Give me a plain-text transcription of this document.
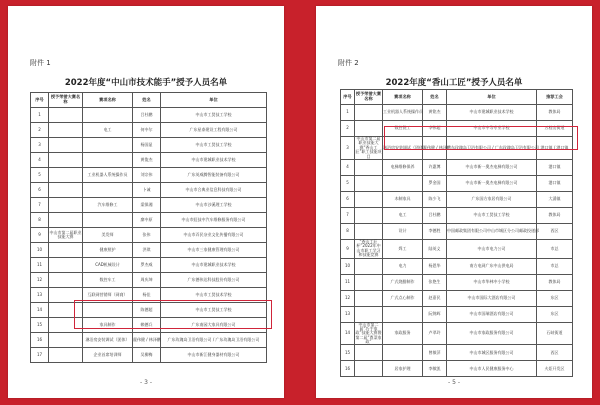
附件 1
2022年度“中山市技术能手”授予人员名单
序号	授予荣誉大赛名称	赛项名称	姓名	单位
1			吕杜鹏	中山市工贸技工学校
2		电工	何中尔	广东星泰建设工程有限公司
3			杨国显	中山市工贸技工学校
4			黄俊杰	中山市建城职业技术学校
5		工业机器人系统操作员	刘宗伟	广东英威腾智能装备有限公司
6			卜诚	中山市合典业信息科技有限公司
7		汽车维修工	梁保湘	中山市沙溪理工学校
8			廖中原	中山市虹技中汽车维修服务有限公司
9	中山市第二届职业技能大赛	美发师	张伟	中山市弄民杂业文化传播有限公司
10		健康照护	洪琪	中山市三家健康管理有限公司
11		CAD机械设计	罗杰威	中山市建城职业技术学校
12		数控车工	周庆坤	广东德伟达科技股份有限公司
13		互联网营销师（网商）	杨佳	中山市工贸技术学校
14			陈德超	中山市工贸技工学校
15		家具制作	赖德兵	广东南园大家具有限公司
16		淋浴房安装调试（团体）	霍伟健 / 林泽鹏	广东玫瑰岛卫浴有限公司 / 广东玫瑰岛卫浴有限公司
17		企业首席培训师	吴柳梅	中山市新江健身器材有限公司
- 3 -
附件 2
2022年度“香山工匠”授予人员名单
序号	授予荣誉大赛名称	赛项名称	姓名	单位	推荐工会
1		工业机器人系统操作员	黄铭杰	中山市建城职业技术学校	教体局
2		数控铣工	李伟超	中山市中等专业学校	五桂山街道
3	中山市第二届职业技能大赛“香山工匠”职工技能项目	淋浴房安装调试（团体）	霍伟健 / 林泽鹏	广东玫瑰岛卫浴有限公司 / 广东玫瑰岛卫浴有限公司	港口镇 / 港口镇
4		电梯维修保养	许惠博	中山市新一奥杰电梯有限公司	港口镇
5			罗金国	中山市新一奥杰电梯有限公司	港口镇
6		木制家具	陈少飞	广东国方家居有限公司	大涌镇
7		电工	吕杜鹏	中山市工贸技工学校	教体局
8		设计	李德胜	中国邮政集团有限公司中山市城区分公司邮政投递部	西区
9	“香山工匠杯”2022年中山市职工学习和技能竞赛	焊工	陆英义	中山市电力公司	市总
10		电力	杨恩华	南方电网广东中山供电局	市总
11		广式烧腊制作	张艳生	中山市华林中小学校	教体局
12		广式点心制作	赵嘉民	中山市国际大酒店有限公司	东区
13			阮锦辉	中山市国瑞酒店有限公司	东区
14	中山市第二届“巧手家政”技能大赛暨第二届“粤菜家政”	家政服务	卢翠玲	中山市家政服务有限公司	石岐街道
15			曾敏萍	中山市城区服务有限公司	西区
16		居家护理	李敏凯	中山市人民健康服务中心	火炬开发区
- 5 -
